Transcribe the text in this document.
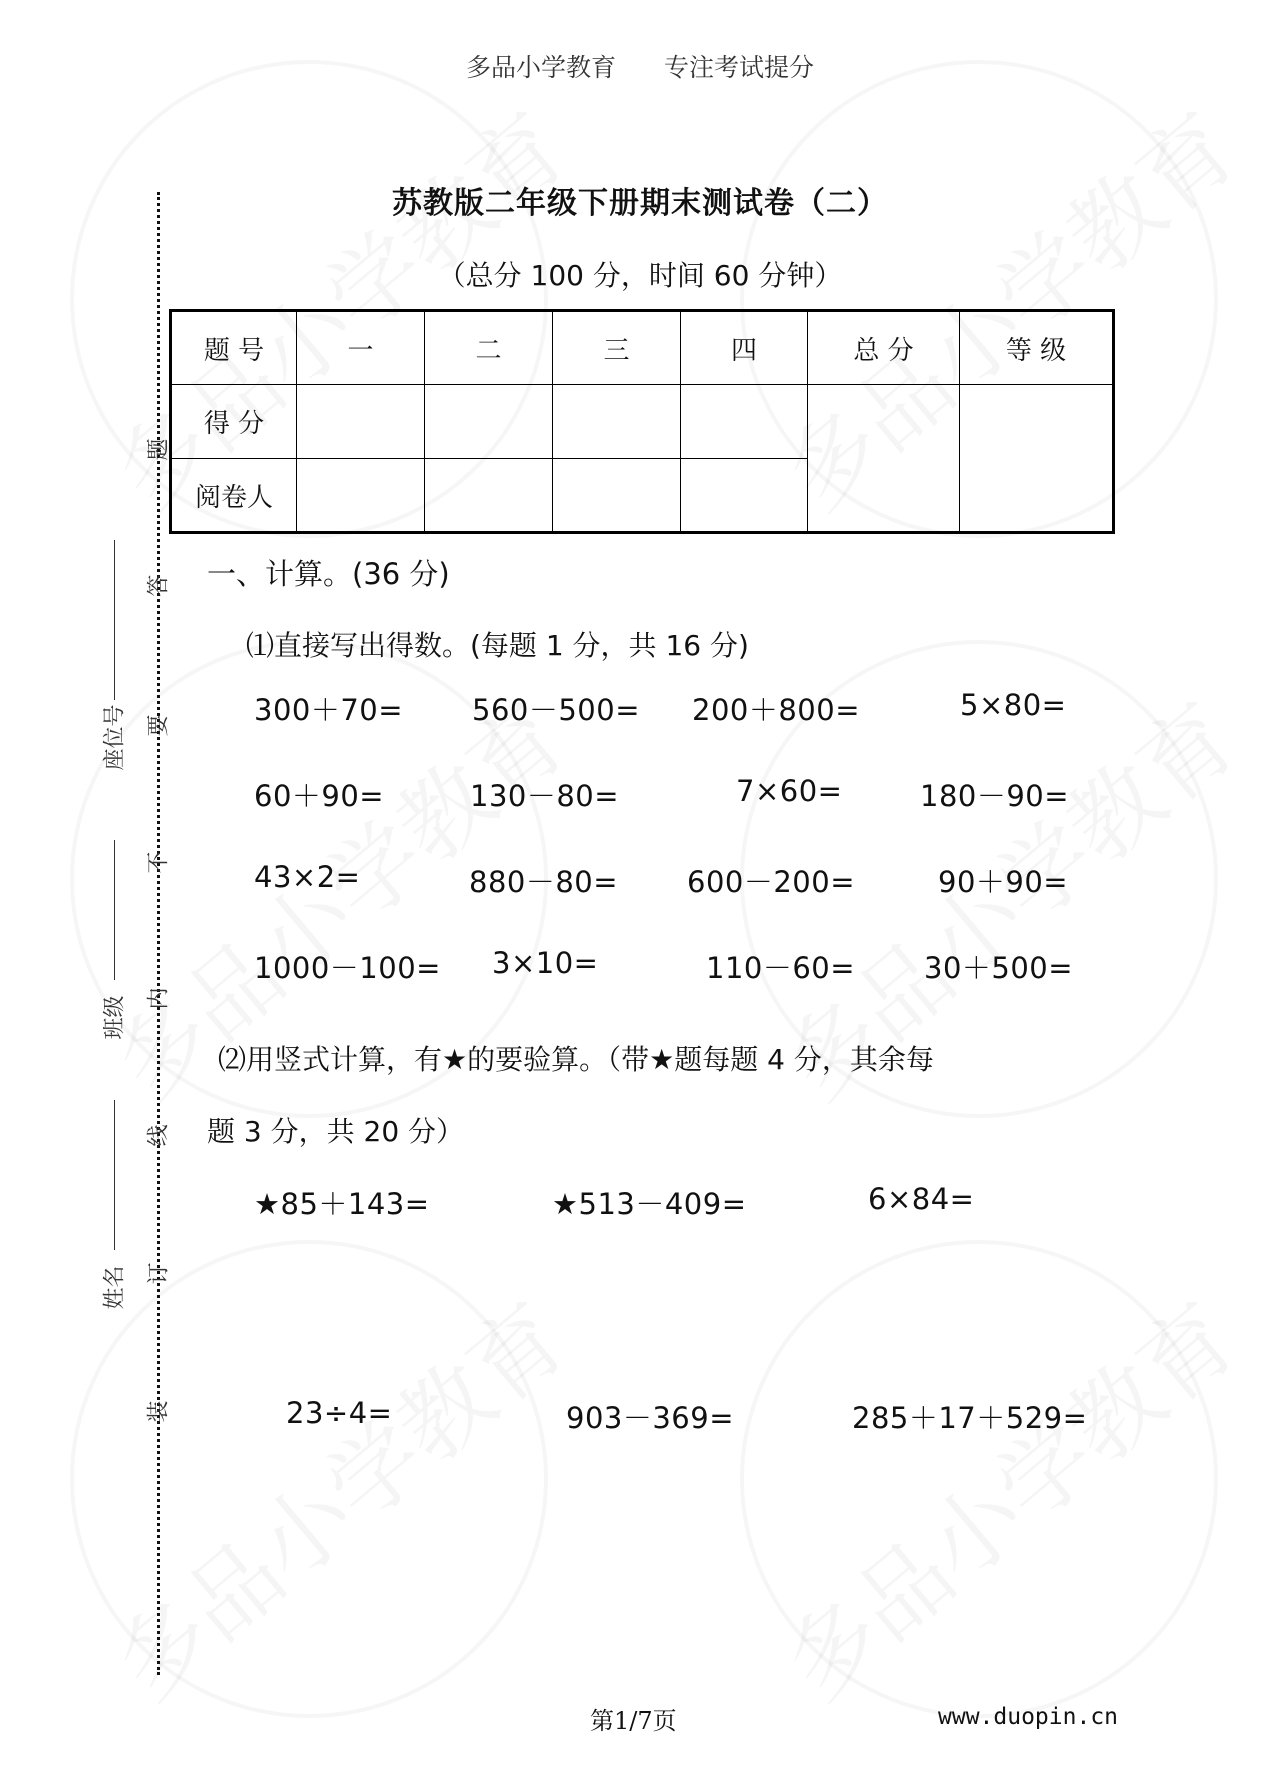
多品小学教育 专注考试提分
苏教版二年级下册期末测试卷（二）
（总分 100 分，时间 60 分钟）
题
答
要
不
内
线
订
装
座位号
班级
姓名
题 号	一	二	三	四	总 分	等 级
得 分						
阅卷人						
一、计算。(36 分)
⑴直接写出得数。(每题 1 分，共 16 分)
300＋70= 560－500= 200＋800=	5×80=
60＋90=	130－80=	7×60=	180－90=
43×2=	880－80= 600－200=	90＋90=
1000－100= 3×10=	110－60= 30＋500=
⑵用竖式计算，有★的要验算。（带★题每题 4 分，其余每
题 3 分，共 20 分）
★85＋143=	★513－409=	6×84=
23÷4=	903－369=	285＋17＋529=
第1/7页	www.duopin.cn
